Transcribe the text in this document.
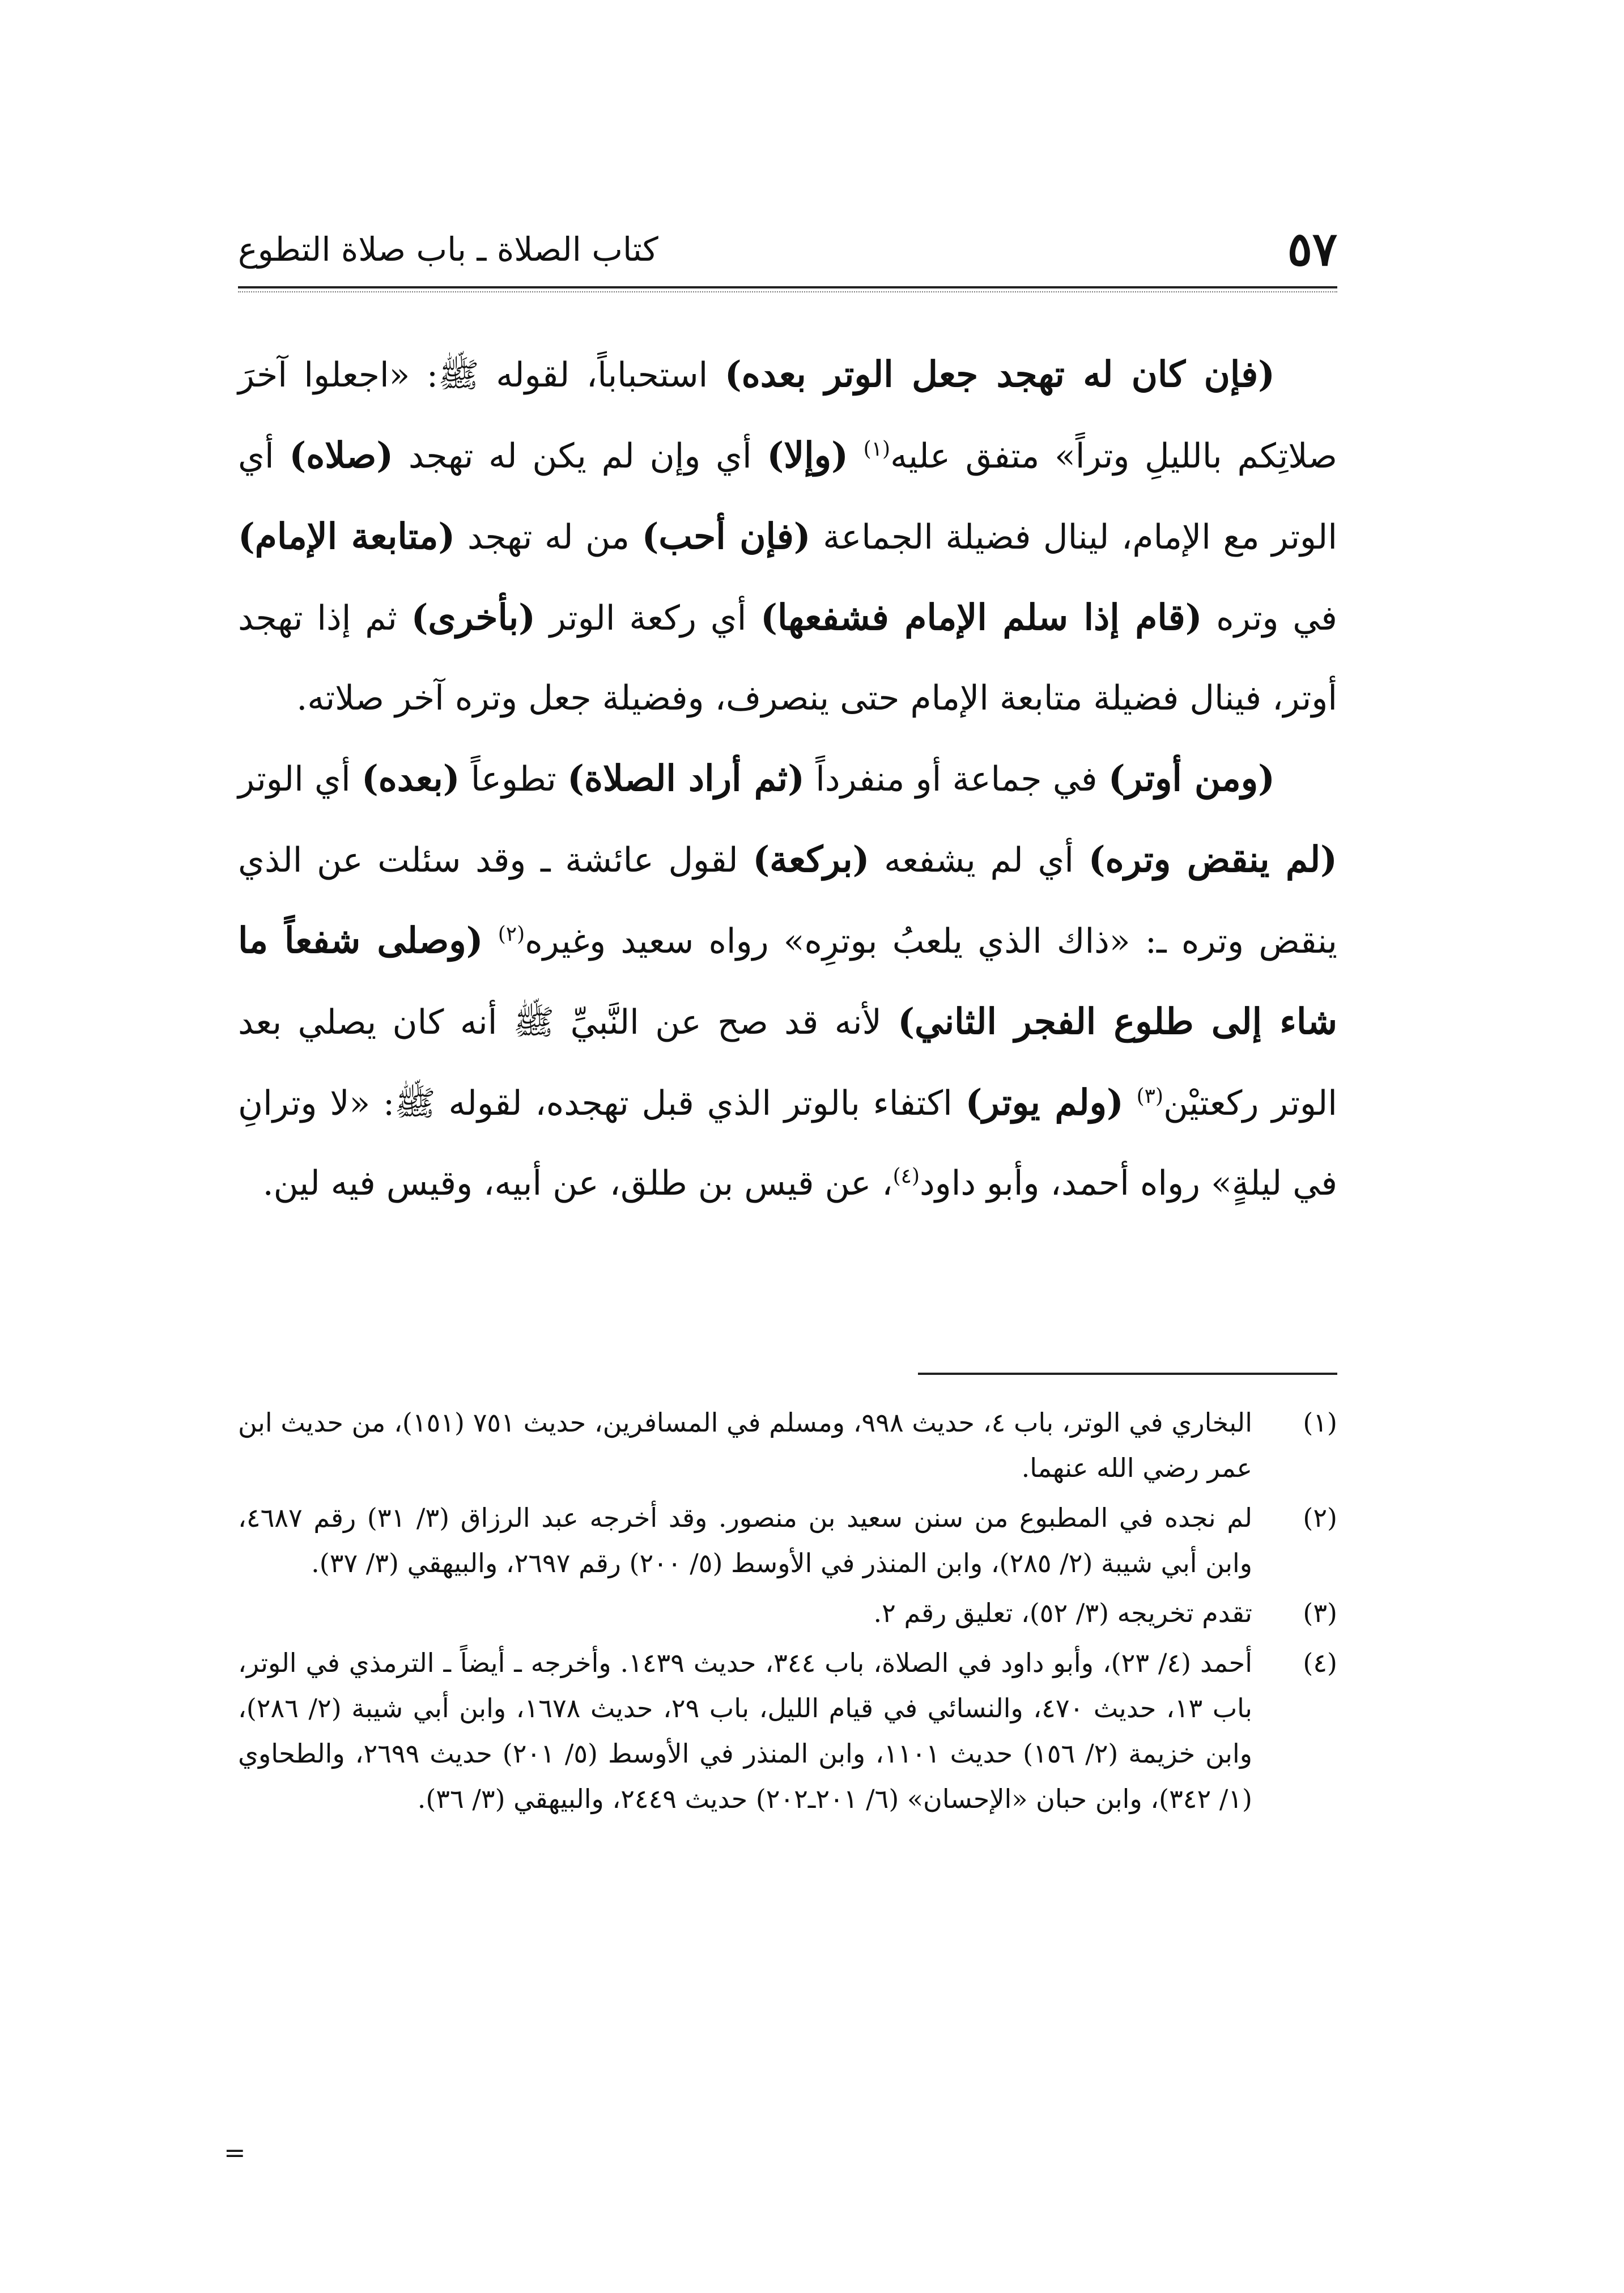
٥٧
كتاب الصلاة ـ باب صلاة التطوع

(فإن كان له تهجد جعل الوتر بعده) استحباباً، لقوله ﷺ: «اجعلوا آخرَ صلاتِكم بالليلِ وتراً» متفق عليه$^{(١)}$ (وإلا) أي وإن لم يكن له تهجد (صلاه) أي الوتر مع الإمام، لينال فضيلة الجماعة (فإن أحب) من له تهجد (متابعة الإمام) في وتره (قام إذا سلم الإمام فشفعها) أي ركعة الوتر (بأخرى) ثم إذا تهجد أوتر، فينال فضيلة متابعة الإمام حتى ينصرف، وفضيلة جعل وتره آخر صلاته.

(ومن أوتر) في جماعة أو منفرداً (ثم أراد الصلاة) تطوعاً (بعده) أي الوتر (لم ينقض وتره) أي لم يشفعه (بركعة) لقول عائشة ـ وقد سئلت عن الذي ينقض وتره ـ: «ذاك الذي يلعبُ بوترِه» رواه سعيد وغيره$^{(٢)}$ (وصلى شفعاً ما شاء إلى طلوع الفجر الثاني) لأنه قد صح عن النَّبيِّ ﷺ أنه كان يصلي بعد الوتر ركعتيْن$^{(٣)}$ (ولم يوتر) اكتفاء بالوتر الذي قبل تهجده، لقوله ﷺ: «لا وترانِ في ليلةٍ» رواه أحمد، وأبو داود$^{(٤)}$، عن قيس بن طلق، عن أبيه، وقيس فيه لين.

(١)
البخاري في الوتر، باب ٤، حديث ٩٩٨، ومسلم في المسافرين، حديث ٧٥١ (١٥١)، من حديث ابن عمر رضي الله عنهما.
(٢)
لم نجده في المطبوع من سنن سعيد بن منصور. وقد أخرجه عبد الرزاق (٣/ ٣١) رقم ٤٦٨٧، وابن أبي شيبة (٢/ ٢٨٥)، وابن المنذر في الأوسط (٥/ ٢٠٠) رقم ٢٦٩٧، والبيهقي (٣/ ٣٧).
(٣)
تقدم تخريجه (٣/ ٥٢)، تعليق رقم ٢.
(٤)
أحمد (٤/ ٢٣)، وأبو داود في الصلاة، باب ٣٤٤، حديث ١٤٣٩. وأخرجه ـ أيضاً ـ الترمذي في الوتر، باب ١٣، حديث ٤٧٠، والنسائي في قيام الليل، باب ٢٩، حديث ١٦٧٨، وابن أبي شيبة (٢/ ٢٨٦)، وابن خزيمة (٢/ ١٥٦) حديث ١١٠١، وابن المنذر في الأوسط (٥/ ٢٠١) حديث ٢٦٩٩، والطحاوي (١/ ٣٤٢)، وابن حبان «الإحسان» (٦/ ٢٠١ـ٢٠٢) حديث ٢٤٤٩، والبيهقي (٣/ ٣٦).
=
